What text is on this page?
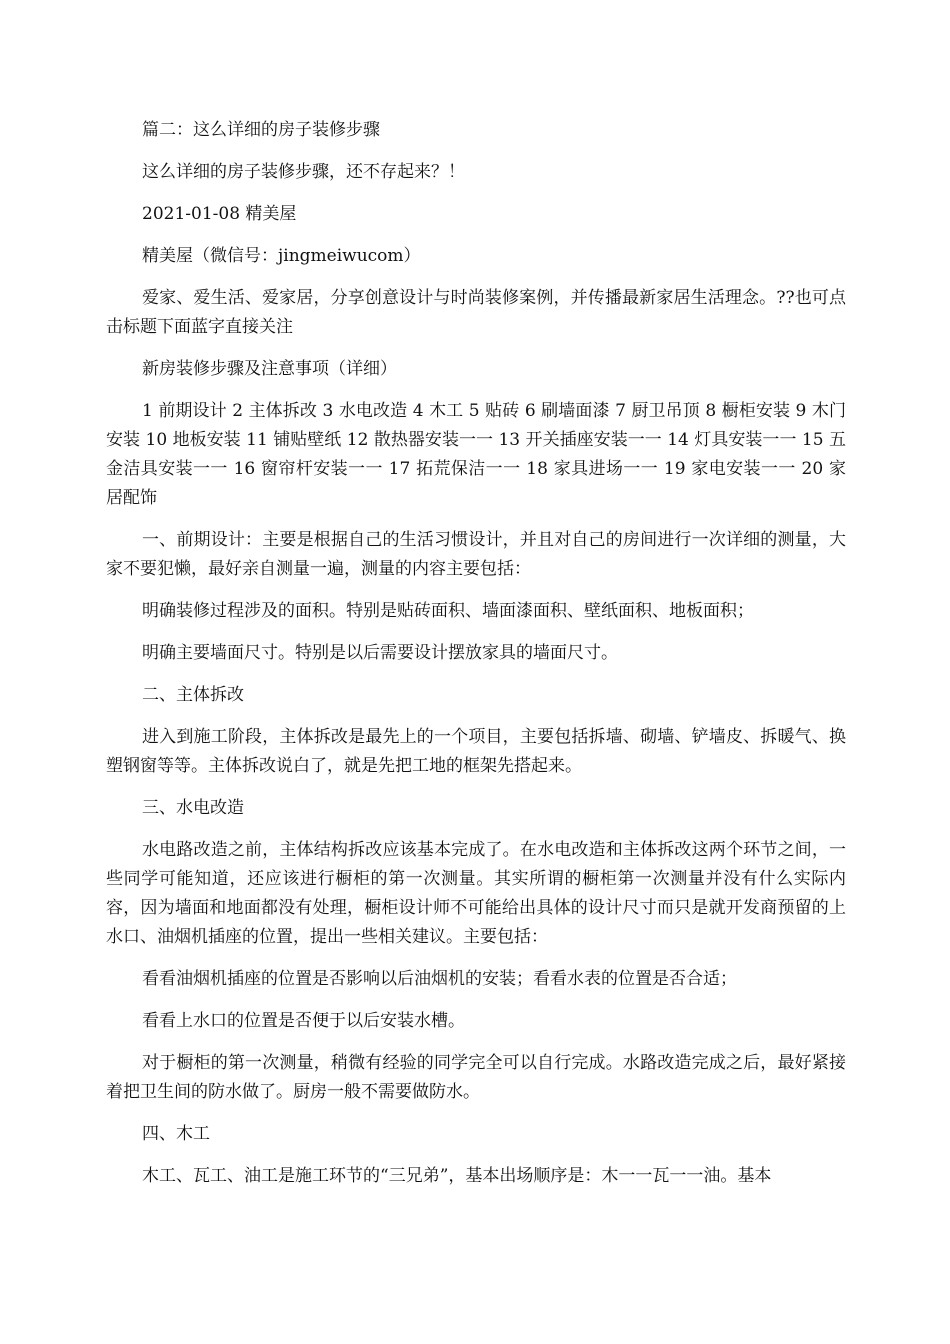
篇二：这么详细的房子装修步骤

这么详细的房子装修步骤，还不存起来？！

2021-01-08 精美屋

精美屋（微信号：jingmeiwucom）

爱家、爱生活、爱家居，分享创意设计与时尚装修案例，并传播最新家居生活理念。??也可点击标题下面蓝字直接关注

新房装修步骤及注意事项（详细）

1 前期设计 2 主体拆改 3 水电改造 4 木工 5 贴砖 6 刷墙面漆 7 厨卫吊顶 8 橱柜安装 9 木门安装 10 地板安装 11 铺贴壁纸 12 散热器安装一一 13 开关插座安装一一 14 灯具安装一一 15 五金洁具安装一一 16 窗帘杆安装一一 17 拓荒保洁一一 18 家具进场一一 19 家电安装一一 20 家居配饰

一、前期设计：主要是根据自己的生活习惯设计，并且对自己的房间进行一次详细的测量，大家不要犯懒，最好亲自测量一遍，测量的内容主要包括：

明确装修过程涉及的面积。特别是贴砖面积、墙面漆面积、壁纸面积、地板面积；

明确主要墙面尺寸。特别是以后需要设计摆放家具的墙面尺寸。

二、主体拆改

进入到施工阶段，主体拆改是最先上的一个项目，主要包括拆墙、砌墙、铲墙皮、拆暖气、换塑钢窗等等。主体拆改说白了，就是先把工地的框架先搭起来。

三、水电改造

水电路改造之前，主体结构拆改应该基本完成了。在水电改造和主体拆改这两个环节之间，一些同学可能知道，还应该进行橱柜的第一次测量。其实所谓的橱柜第一次测量并没有什么实际内容，因为墙面和地面都没有处理，橱柜设计师不可能给出具体的设计尺寸而只是就开发商预留的上水口、油烟机插座的位置，提出一些相关建议。主要包括：

看看油烟机插座的位置是否影响以后油烟机的安装；看看水表的位置是否合适；

看看上水口的位置是否便于以后安装水槽。

对于橱柜的第一次测量，稍微有经验的同学完全可以自行完成。水路改造完成之后，最好紧接着把卫生间的防水做了。厨房一般不需要做防水。

四、木工

木工、瓦工、油工是施工环节的“三兄弟”，基本出场顺序是：木一一瓦一一油。基本
